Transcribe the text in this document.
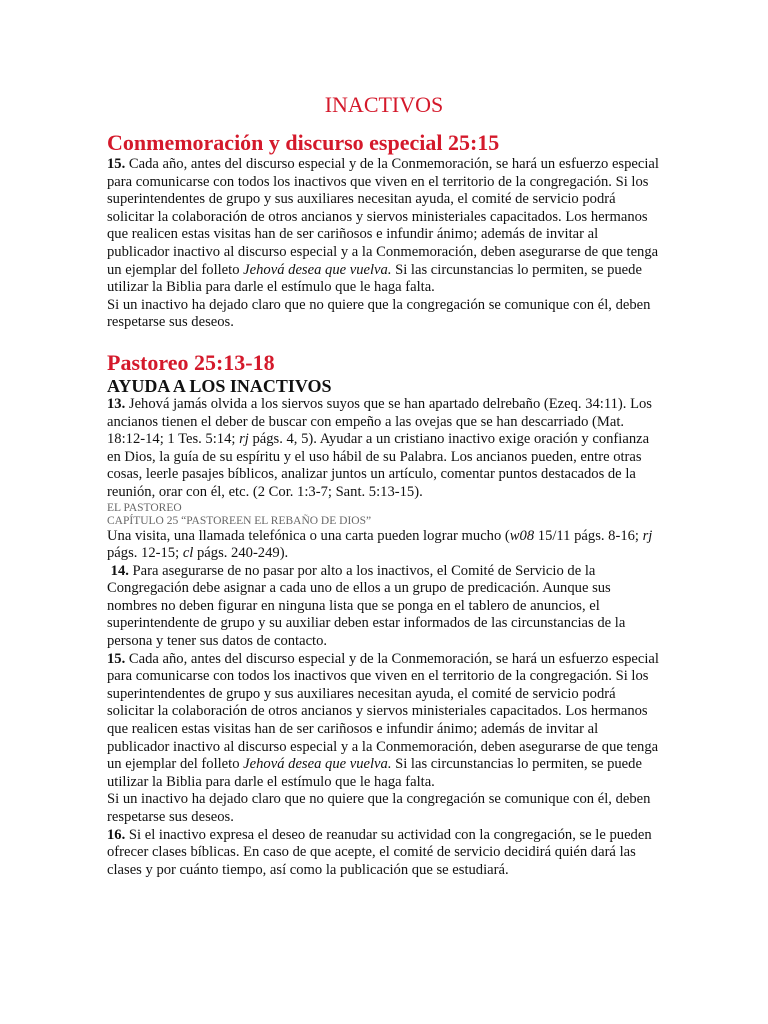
INACTIVOS
Conmemoración y discurso especial 25:15

15. Cada año, antes del discurso especial y de la Conmemoración, se hará un esfuerzo especial para comunicarse con todos los inactivos que viven en el territorio de la congregación. Si los superintendentes de grupo y sus auxiliares necesitan ayuda, el comité de servicio podrá solicitar la colaboración de otros ancianos y siervos ministeriales capacitados. Los hermanos que realicen estas visitas han de ser cariñosos e infundir ánimo; además de invitar al publicador inactivo al discurso especial y a la Conmemoración, deben asegurarse de que tenga un ejemplar del folleto Jehová desea que vuelva. Si las circunstancias lo permiten, se puede utilizar la Biblia para darle el estímulo que le haga falta.

Si un inactivo ha dejado claro que no quiere que la congregación se comunique con él, deben respetarse sus deseos.

Pastoreo 25:13-18
AYUDA A LOS INACTIVOS

13. Jehová jamás olvida a los siervos suyos que se han apartado delrebaño (Ezeq. 34:11). Los ancianos tienen el deber de buscar con empeño a las ovejas que se han descarriado (Mat. 18:12-14; 1 Tes. 5:14; rj págs. 4, 5). Ayudar a un cristiano inactivo exige oración y confianza en Dios, la guía de su espíritu y el uso hábil de su Palabra. Los ancianos pueden, entre otras cosas, leerle pasajes bíblicos, analizar juntos un artículo, comentar puntos destacados de la reunión, orar con él, etc. (2 Cor. 1:3-7; Sant. 5:13-15).

EL PASTOREO
CAPÍTULO 25 “PASTOREEN EL REBAÑO DE DIOS”

Una visita, una llamada telefónica o una carta pueden lograr mucho (w08 15/11 págs. 8-16; rj págs. 12-15; cl págs. 240-249).

14. Para asegurarse de no pasar por alto a los inactivos, el Comité de Servicio de la Congregación debe asignar a cada uno de ellos a un grupo de predicación. Aunque sus nombres no deben figurar en ninguna lista que se ponga en el tablero de anuncios, el superintendente de grupo y su auxiliar deben estar informados de las circunstancias de la persona y tener sus datos de contacto.

15. Cada año, antes del discurso especial y de la Conmemoración, se hará un esfuerzo especial para comunicarse con todos los inactivos que viven en el territorio de la congregación. Si los superintendentes de grupo y sus auxiliares necesitan ayuda, el comité de servicio podrá solicitar la colaboración de otros ancianos y siervos ministeriales capacitados. Los hermanos que realicen estas visitas han de ser cariñosos e infundir ánimo; además de invitar al publicador inactivo al discurso especial y a la Conmemoración, deben asegurarse de que tenga un ejemplar del folleto Jehová desea que vuelva. Si las circunstancias lo permiten, se puede utilizar la Biblia para darle el estímulo que le haga falta.

Si un inactivo ha dejado claro que no quiere que la congregación se comunique con él, deben respetarse sus deseos.

16. Si el inactivo expresa el deseo de reanudar su actividad con la congregación, se le pueden ofrecer clases bíblicas. En caso de que acepte, el comité de servicio decidirá quién dará las clases y por cuánto tiempo, así como la publicación que se estudiará.
